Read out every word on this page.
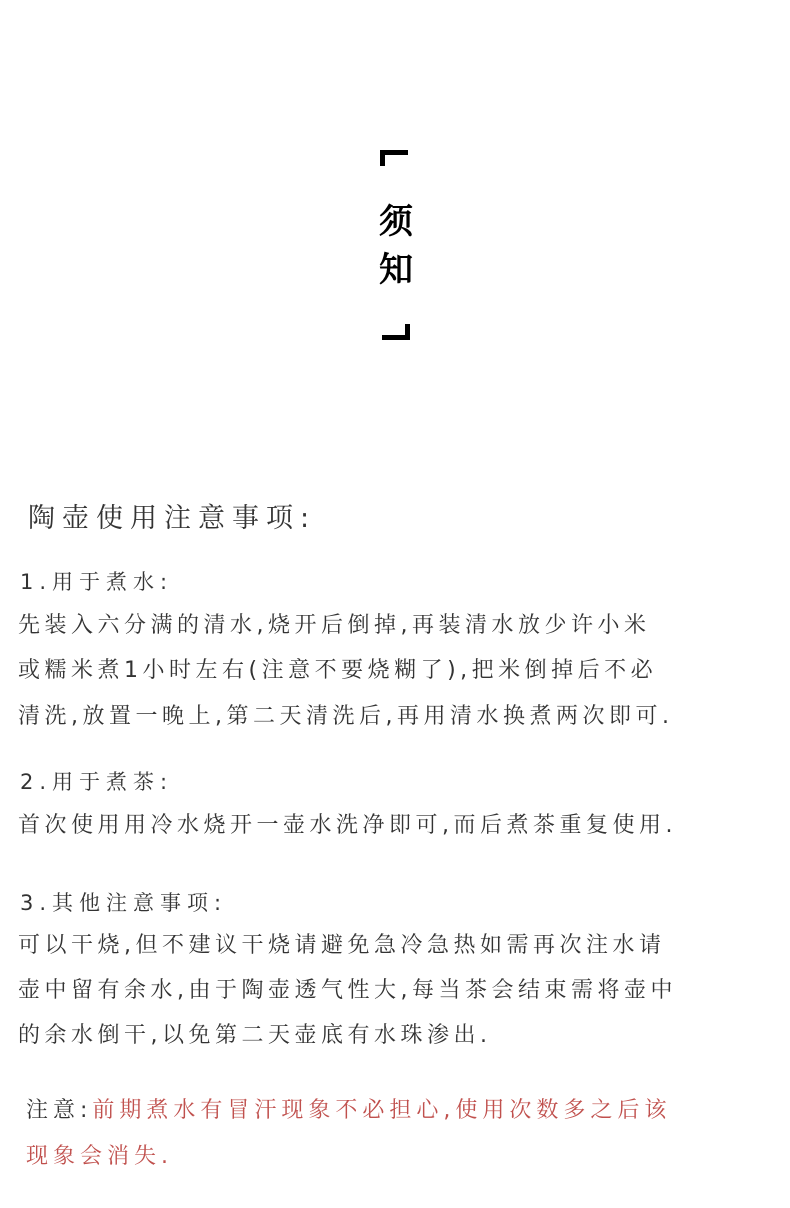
须
知
陶壶使用注意事项:
1.用于煮水:
先装入六分满的清水,烧开后倒掉,再装清水放少许小米
或糯米煮1小时左右(注意不要烧糊了),把米倒掉后不必
清洗,放置一晚上,第二天清洗后,再用清水换煮两次即可.
2.用于煮茶:
首次使用用冷水烧开一壶水洗净即可,而后煮茶重复使用.
3.其他注意事项:
可以干烧,但不建议干烧请避免急冷急热如需再次注水请
壶中留有余水,由于陶壶透气性大,每当茶会结束需将壶中
的余水倒干,以免第二天壶底有水珠渗出.
注意:前期煮水有冒汗现象不必担心,使用次数多之后该
现象会消失.
